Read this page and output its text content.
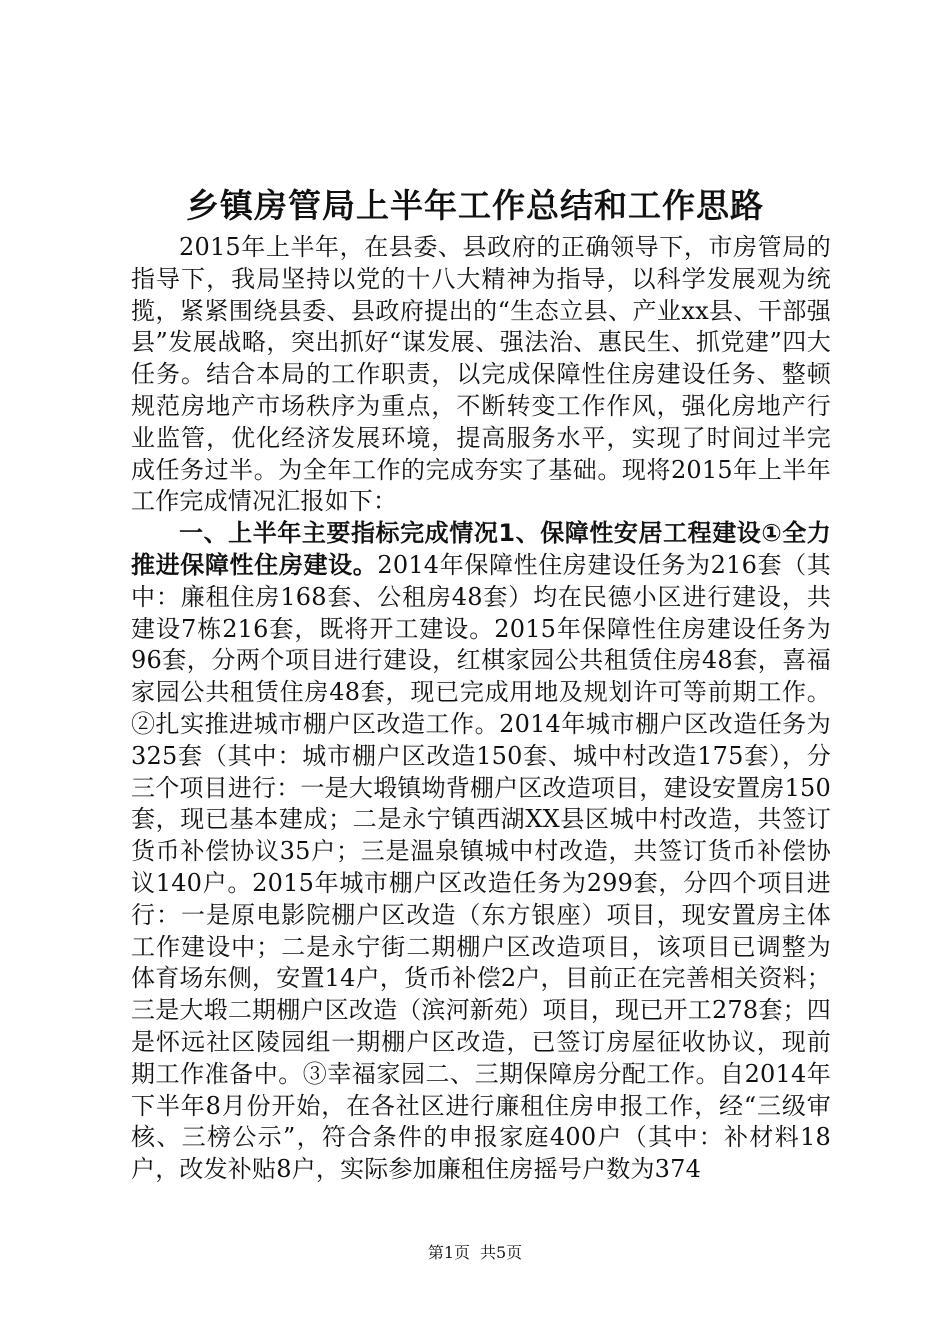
乡镇房管局上半年工作总结和工作思路

2015年上半年，在县委、县政府的正确领导下，市房管局的指导下，我局坚持以党的十八大精神为指导，以科学发展观为统揽，紧紧围绕县委、县政府提出的“生态立县、产业xx县、干部强县”发展战略，突出抓好“谋发展、强法治、惠民生、抓党建”四大任务。结合本局的工作职责，以完成保障性住房建设任务、整顿规范房地产市场秩序为重点，不断转变工作作风，强化房地产行业监管，优化经济发展环境，提高服务水平，实现了时间过半完成任务过半。为全年工作的完成夯实了基础。现将2015年上半年工作完成情况汇报如下：

一、上半年主要指标完成情况1、保障性安居工程建设①全力推进保障性住房建设。2014年保障性住房建设任务为216套（其中：廉租住房168套、公租房48套）均在民德小区进行建设，共建设7栋216套，既将开工建设。2015年保障性住房建设任务为96套，分两个项目进行建设，红棋家园公共租赁住房48套，喜福家园公共租赁住房48套，现已完成用地及规划许可等前期工作。②扎实推进城市棚户区改造工作。2014年城市棚户区改造任务为325套（其中：城市棚户区改造150套、城中村改造175套），分三个项目进行：一是大塅镇坳背棚户区改造项目，建设安置房150套，现已基本建成；二是永宁镇西湖XX县区城中村改造，共签订货币补偿协议35户；三是温泉镇城中村改造，共签订货币补偿协议140户。2015年城市棚户区改造任务为299套，分四个项目进行：一是原电影院棚户区改造（东方银座）项目，现安置房主体工作建设中；二是永宁街二期棚户区改造项目，该项目已调整为体育场东侧，安置14户，货币补偿2户，目前正在完善相关资料；三是大塅二期棚户区改造（滨河新苑）项目，现已开工278套；四是怀远社区陵园组一期棚户区改造，已签订房屋征收协议，现前期工作准备中。③幸福家园二、三期保障房分配工作。自2014年下半年8月份开始，在各社区进行廉租住房申报工作，经“三级审核、三榜公示”，符合条件的申报家庭400户（其中：补材料18户，改发补贴8户，实际参加廉租住房摇号户数为374

第1页 共5页
